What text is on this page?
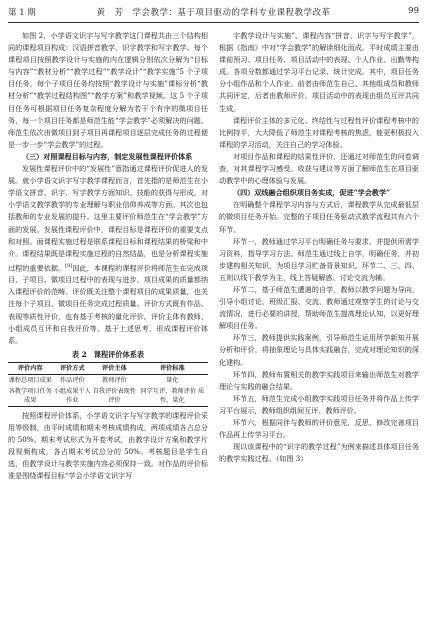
第 1 期	黄　芳　学会教学：基于项目驱动的学科专业课程教学改革	99

如图 2，小学语文识字与写字教学这门课程共由三个结构相同的课程项目构成：汉语拼音教学、识字教学和写字教学。每个课程项目按照教学设计与实施的内在逻辑分别依次分解为“目标与内容”“教材分析”“教学过程”“教学设计”“教学实施”5 个子项目任务，每个子项目任务均按照“教学设计与实施”课标分析“教材分析”“教学过程结构图”“教学方案”和教学视频。这 5 个子项目任务可根据项目任务复杂程度分解为若干个有序的微项目任务，每一个项目任务都是师范生能“学会教学”必须解决的问题。师范生依次由微项目到子项目再课程项目逐层完成任务的过程便是一步一步“学会教学”的过程。

（三）对照课程目标与内容，制定发展性课程评价体系

发展性课程评价中的“发展性”意指通过课程评价促进人的发展。就小学语文识字写字教学课程而言，首先指的是师范生在小学语文拼音、识字、写字教学方面知识、技能的获得与形成，对小学语文教学教学的专业理解与职业信仰养成等方面。其次也包括教师的专业发展的提升。这里主要评价师范生在“学会教学”方面的发展。发展性课程评价中，课程目标是课程评价的重要支点和对照。面课程实施过程是联系课程目标和课程结果的桥梁和中介。课程结果既是课程实施过程的自然结晶，也是分析课程实施过程的重要依据。[8]因此，本课程的课程评价将师范生在完成项目、子项目、微项目过程中的表现与进步，项目成果的质量都纳入课程评价的范畴。评价既关注整个课程项目的成果质量，也关注每个子项目、微项目任务完成过程质量。评价方式既有作品、表现等质性评价，也有基于考核的量化评价。评价主体有教师、小组成员互评和自我评价等。基于上述思考，形成课程评价体系。

表 2　课程评价体系表
评价内容	评价方式	评价主体	评价标准
课程总项目成果	作品评价	教师评价	量化
各教学项目任务成果	小组成果个人作业	自我评价表现性评价	同学互评、教师评价 质性、量化

按照课程评价体系，小学语文识字与写字教学的课程评价采用等级制，由平时成绩和期末考核成绩构成，两项成绩各占总分的 50%。期末考试形式为开卷考试，由教学设计方案和教学片段视频构成，各占期末考试总分的 50%。考核题目是学生自选，但教学设计与教学实施内容必须保持一致。对作品的评价标准是围绕课程目标“学会小学语文识字写

字教学设计与实施”、课程内容“拼音、识字与写字教学”，根据《指南》中对“学会教学”的解读细化而成。平时成绩主要由课前预习、项目任务、项目活动中的表现、个人作业、出勤等构成。各项分数都通过学习平台记录、统计完成。其中，项目任务分小组作品和个人作业。前者由师范生自己、其他组成员和教师共同评定，后者由教师评价。项目活动中的表现由组员互评共同生成。

课程评价主体的多元化、终结性与过程性评价课程考核中的比例持平，大大降低了师范生对课程考核的焦虑，能更积极投入课程的学习活动，关注自己的学习体验。

对项目作品和课程的结果性评价，还通过对师范生的问卷调查，对其课程学习感受、收获与建议等方面了解师范生在项目驱动教学中的心理体验与发展。

（四）双线融合组织项目务实成，促进“学会教学”

在明确整个课程学习内容与方式后，课程教学从完成最低层的微项目任务开始。完整的子项目任务驱动式教学流程共有六个环节。

环节一，教师通过学习平台明确任务与要求，并提供所需学习资料，指导学习方法。师范生通过线上自学，明确任务，并初步建构相关知识，为项目学习贮备背景知识。环节二、三、四、五则以线下教学为主，线上答疑解惑、讨论交流为辅。

环节二，基于师范生遭遇的自学，教师以教学问题为导向，引导小组讨论，班级汇报、交流，教师通过观察学生的讨论与交流情况，进行必要的讲授，帮助师范生提高理论认知，以更好理解项目任务。

环节三，教师提供实践案例，引导师范生运用所学新知开展分析和评价，将抽象理论与具体实践融合，完成对理论知识的深化建构。

环节四，教师布置相关的教学实践项目来输出师范生对教学理论与实践的融合结果。

环节五，师范生完成小组教学实践项目任务并将作品上传学习平台展示，教师组织组间互评、教师评价。

环节六，根据同伴与教师的评价意见，反思，修改完善项目作品再上传学习平台。

现以该课程中的“识字的教学过程”为例来描述具体项目任务的教学实践过程。（如图 3）
